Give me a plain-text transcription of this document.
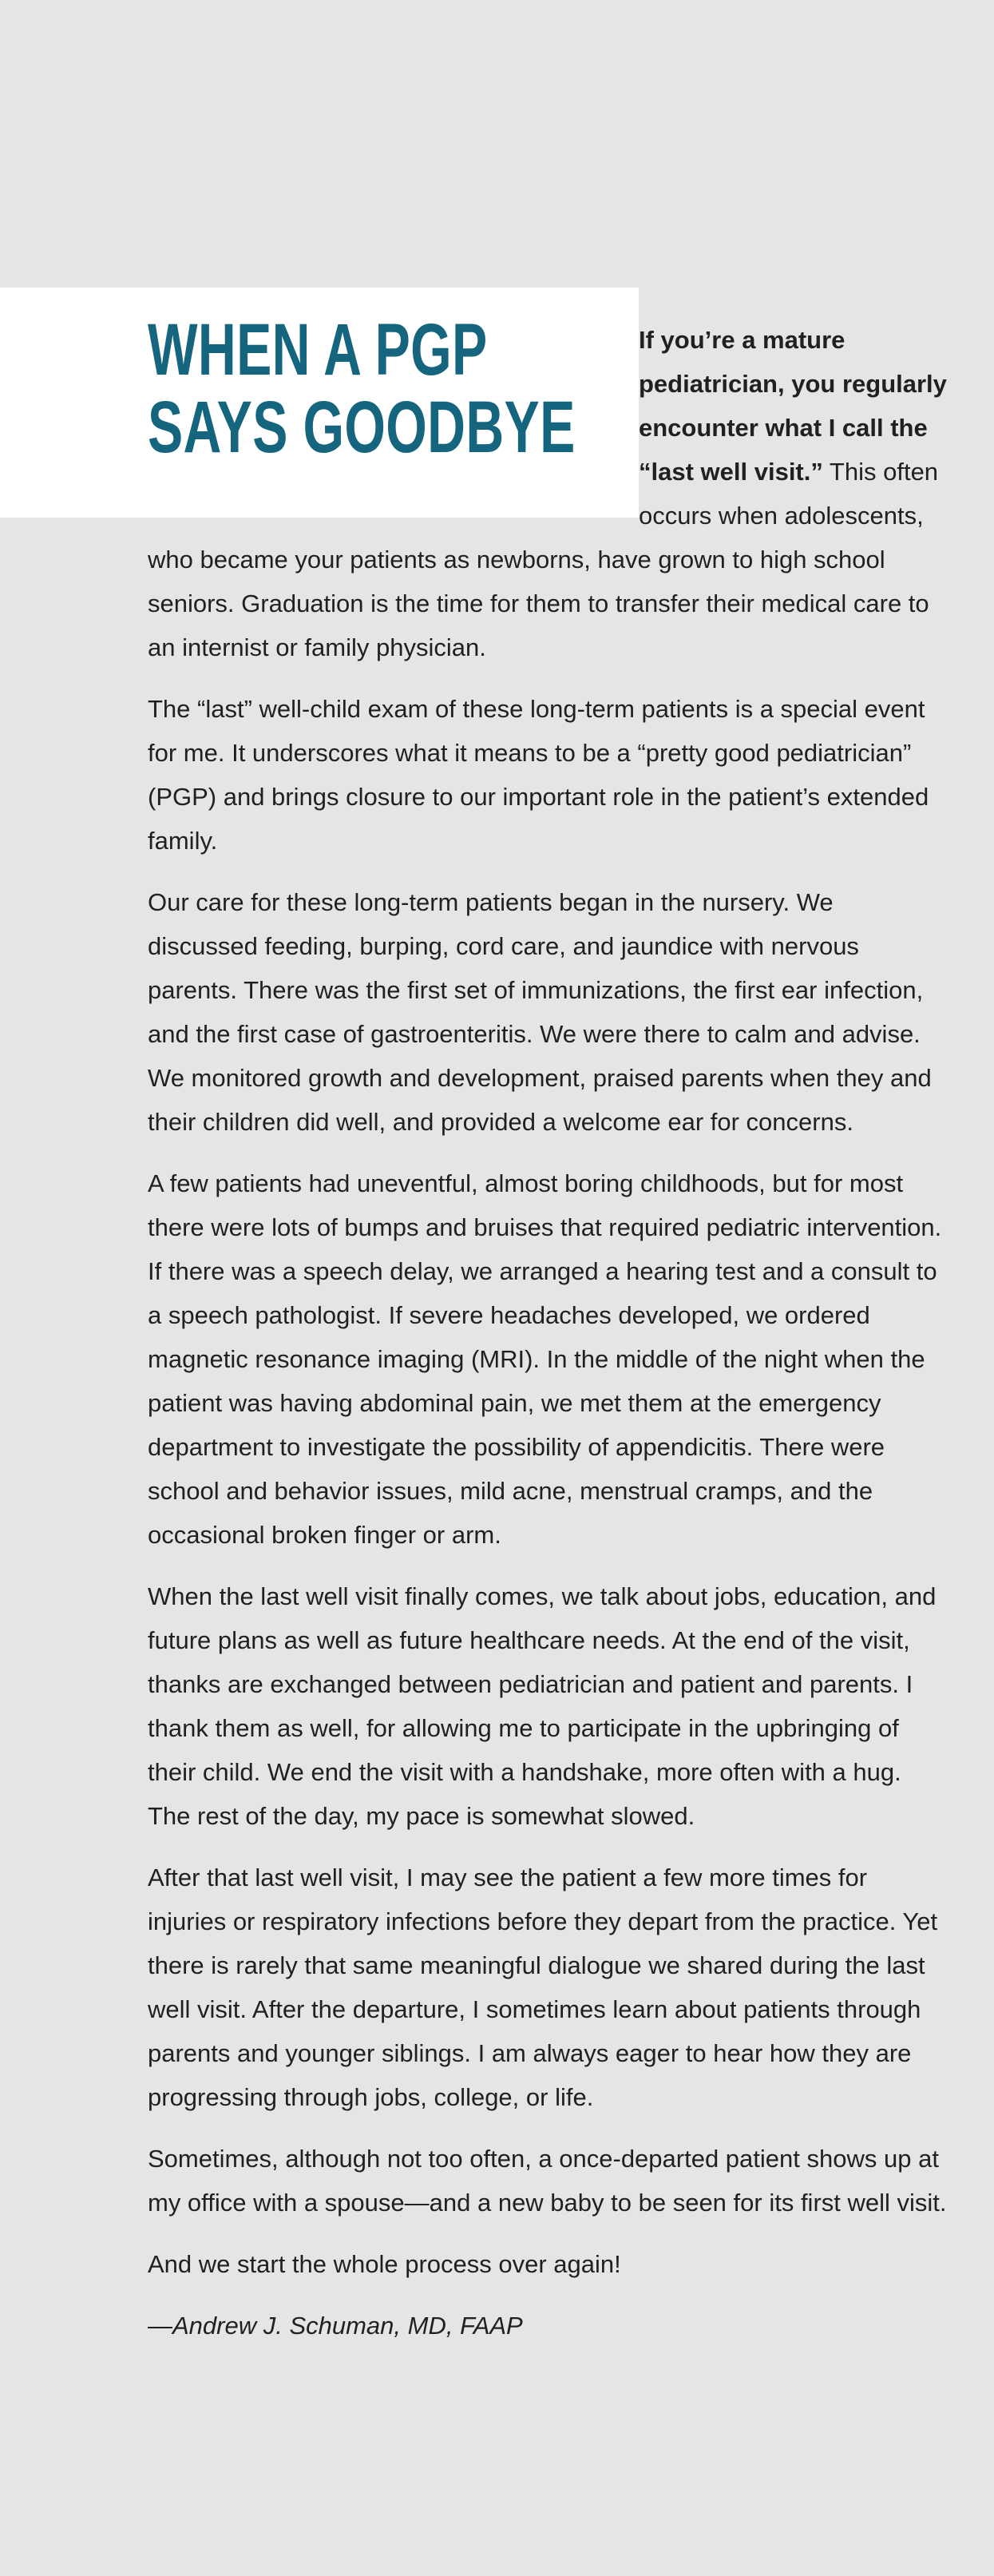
WHEN A PGP
SAYS GOODBYE

If you’re a mature pediatrician, you regularly encounter what I call the “last well visit.” This often occurs when adolescents, who became your patients as newborns, have grown to high school seniors. Graduation is the time for them to transfer their medical care to an internist or family physician.

The “last” well-child exam of these long-term patients is a special event for me. It underscores what it means to be a “pretty good pediatrician” (PGP) and brings closure to our important role in the patient’s extended family.

Our care for these long-term patients began in the nursery. We discussed feeding, burping, cord care, and jaundice with nervous parents. There was the first set of immunizations, the first ear infection, and the first case of gastroenteritis. We were there to calm and advise. We monitored growth and development, praised parents when they and their children did well, and provided a welcome ear for concerns.

A few patients had uneventful, almost boring childhoods, but for most there were lots of bumps and bruises that required pediatric intervention. If there was a speech delay, we arranged a hearing test and a consult to a speech pathologist. If severe headaches developed, we ordered magnetic resonance imaging (MRI). In the middle of the night when the patient was having abdominal pain, we met them at the emergency department to investigate the possibility of appendicitis. There were school and behavior issues, mild acne, menstrual cramps, and the occasional broken finger or arm.

When the last well visit finally comes, we talk about jobs, education, and future plans as well as future healthcare needs. At the end of the visit, thanks are exchanged between pediatrician and patient and parents. I thank them as well, for allowing me to participate in the upbringing of their child. We end the visit with a handshake, more often with a hug. The rest of the day, my pace is somewhat slowed.

After that last well visit, I may see the patient a few more times for injuries or respiratory infections before they depart from the practice. Yet there is rarely that same meaningful dialogue we shared during the last well visit. After the departure, I sometimes learn about patients through parents and younger siblings. I am always eager to hear how they are progressing through jobs, college, or life.

Sometimes, although not too often, a once-departed patient shows up at my office with a spouse—and a new baby to be seen for its first well visit.

And we start the whole process over again!

—Andrew J. Schuman, MD, FAAP
